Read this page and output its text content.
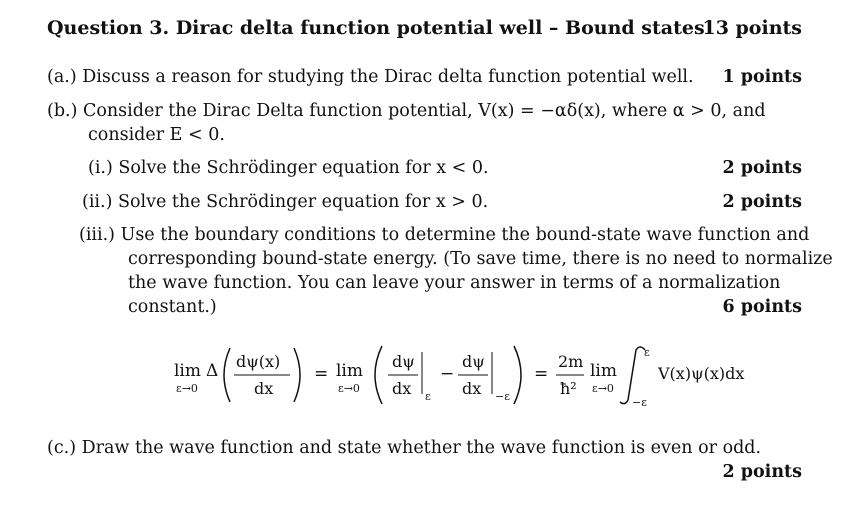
Question 3. Dirac delta function potential well – Bound states
13 points
(a.) Discuss a reason for studying the Dirac delta function potential well. 1 points
(b.) Consider the Dirac Delta function potential, V(x) = −αδ(x), where α > 0, and
consider E < 0.
(i.) Solve the Schrödinger equation for x < 0.	2 points
(ii.) Solve the Schrödinger equation for x > 0.	2 points
(iii.) Use the boundary conditions to determine the bound-state wave function and
corresponding bound-state energy. (To save time, there is no need to normalize
the wave function. You can leave your answer in terms of a normalization
constant.)	6 points
lim
ε→0
Δ dψ(x)
dx
= lim
ε→0
dψ
dx ε
−
dψ
dx −ε
=
2m
ħ²
lim
ε→0
ε
−ε
V(x)ψ(x)dx
(c.) Draw the wave function and state whether the wave function is even or odd.
2 points
